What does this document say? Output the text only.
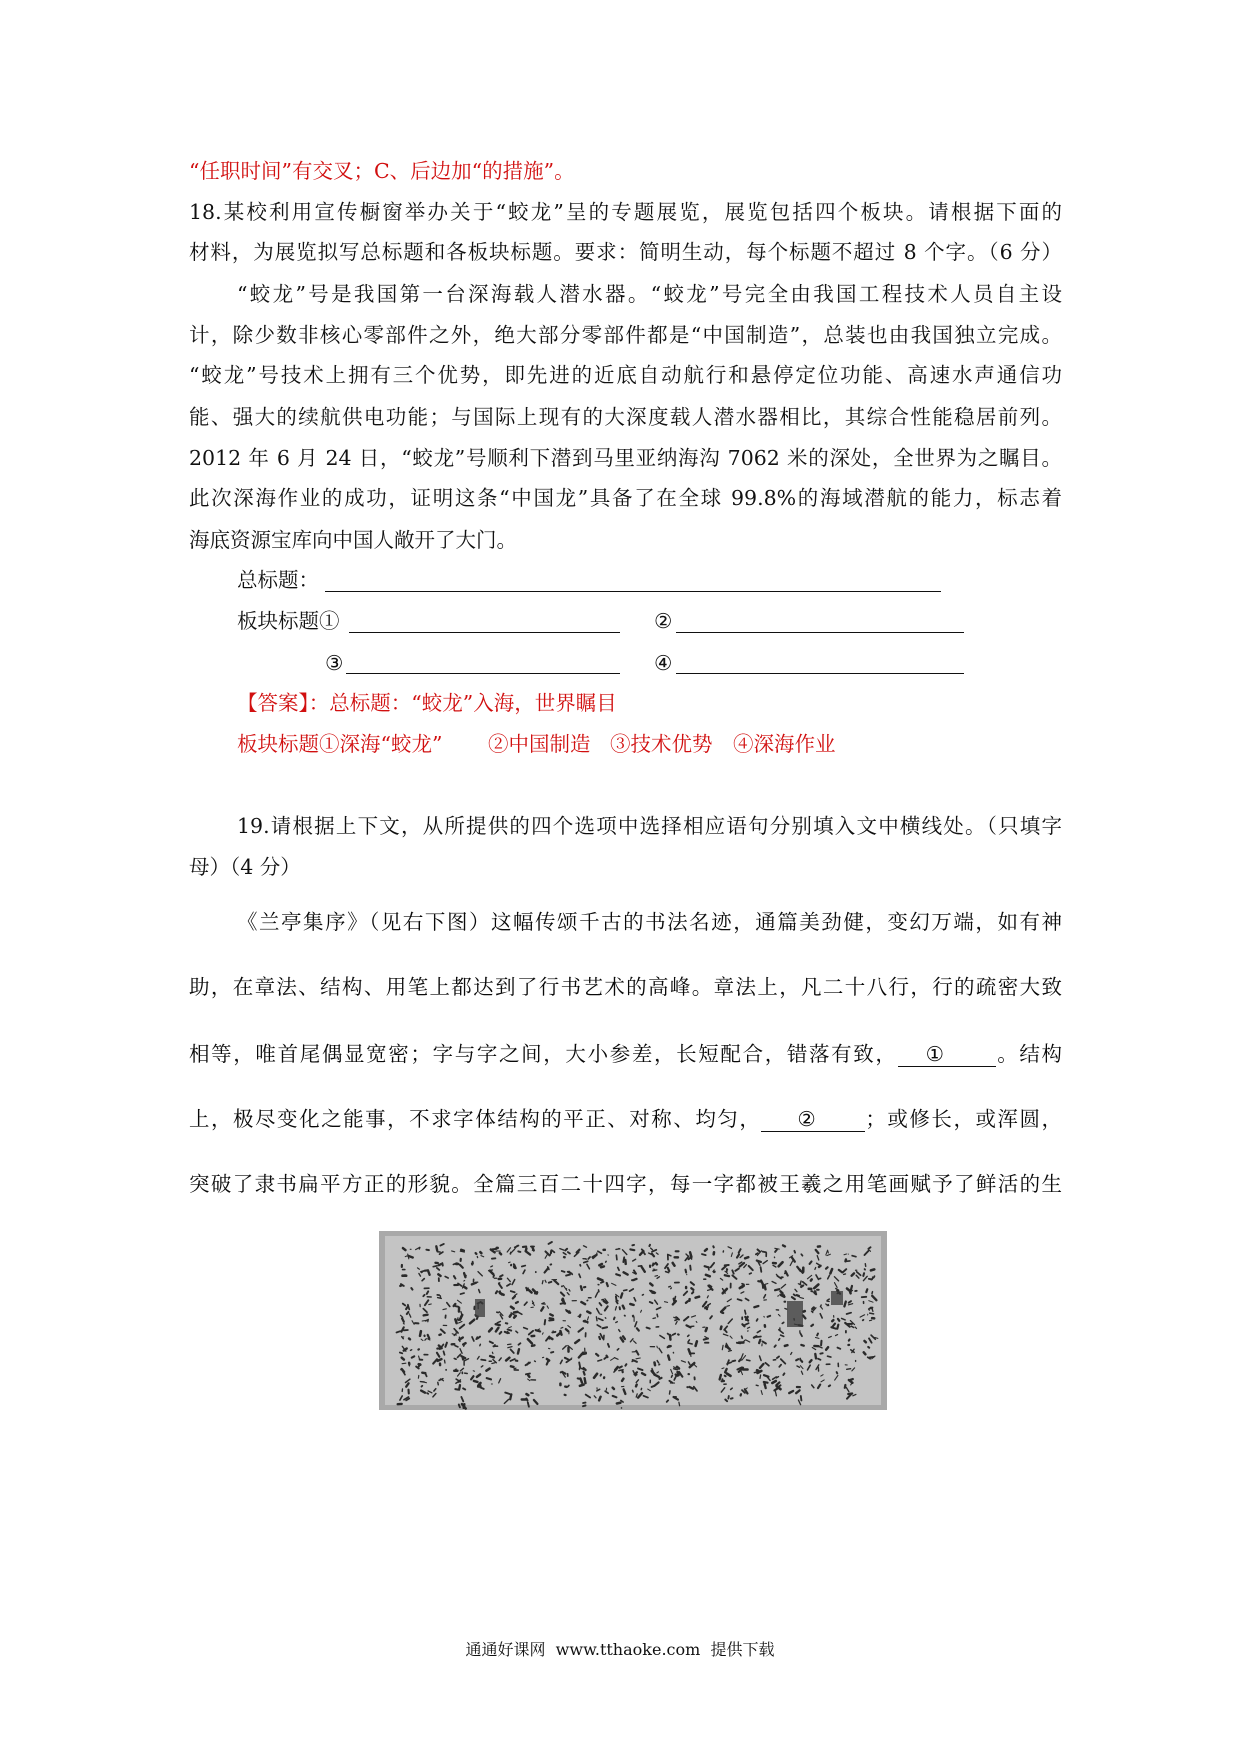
“任职时间”有交叉；C、后边加“的措施”。
18.某校利用宣传橱窗举办关于“蛟龙”呈的专题展览，展览包括四个板块。请根据下面的
材料，为展览拟写总标题和各板块标题。要求：简明生动，每个标题不超过 8 个字。（6 分）
“蛟龙”号是我国第一台深海载人潜水器。“蛟龙”号完全由我国工程技术人员自主设
计，除少数非核心零部件之外，绝大部分零部件都是“中国制造”，总装也由我国独立完成。
“蛟龙”号技术上拥有三个优势，即先进的近底自动航行和悬停定位功能、高速水声通信功
能、强大的续航供电功能；与国际上现有的大深度载人潜水器相比，其综合性能稳居前列。
2012 年 6 月 24 日，“蛟龙”号顺利下潜到马里亚纳海沟 7062 米的深处，全世界为之瞩目。
此次深海作业的成功，证明这条“中国龙”具备了在全球 99.8%的海域潜航的能力，标志着
海底资源宝库向中国人敞开了大门。
总标题：
板块标题①	②
③	④
【答案】：总标题：“蛟龙”入海，世界瞩目
板块标题①深海“蛟龙” ②中国制造 ③技术优势 ④深海作业
19.请根据上下文，从所提供的四个选项中选择相应语句分别填入文中横线处。（只填字
母）（4 分）
《兰亭集序》（见右下图）这幅传颂千古的书法名迹，通篇美劲健，变幻万端，如有神
助，在章法、结构、用笔上都达到了行书艺术的高峰。章法上，凡二十八行，行的疏密大致
相等，唯首尾偶显宽密；字与字之间，大小参差，长短配合，错落有致， ①	。结构
上，极尽变化之能事，不求字体结构的平正、对称、均匀， ② ；或修长，或浑圆，
突破了隶书扁平方正的形貌。全篇三百二十四字，每一字都被王羲之用笔画赋予了鲜活的生
通通好课网  www.tthaoke.com  提供下载
